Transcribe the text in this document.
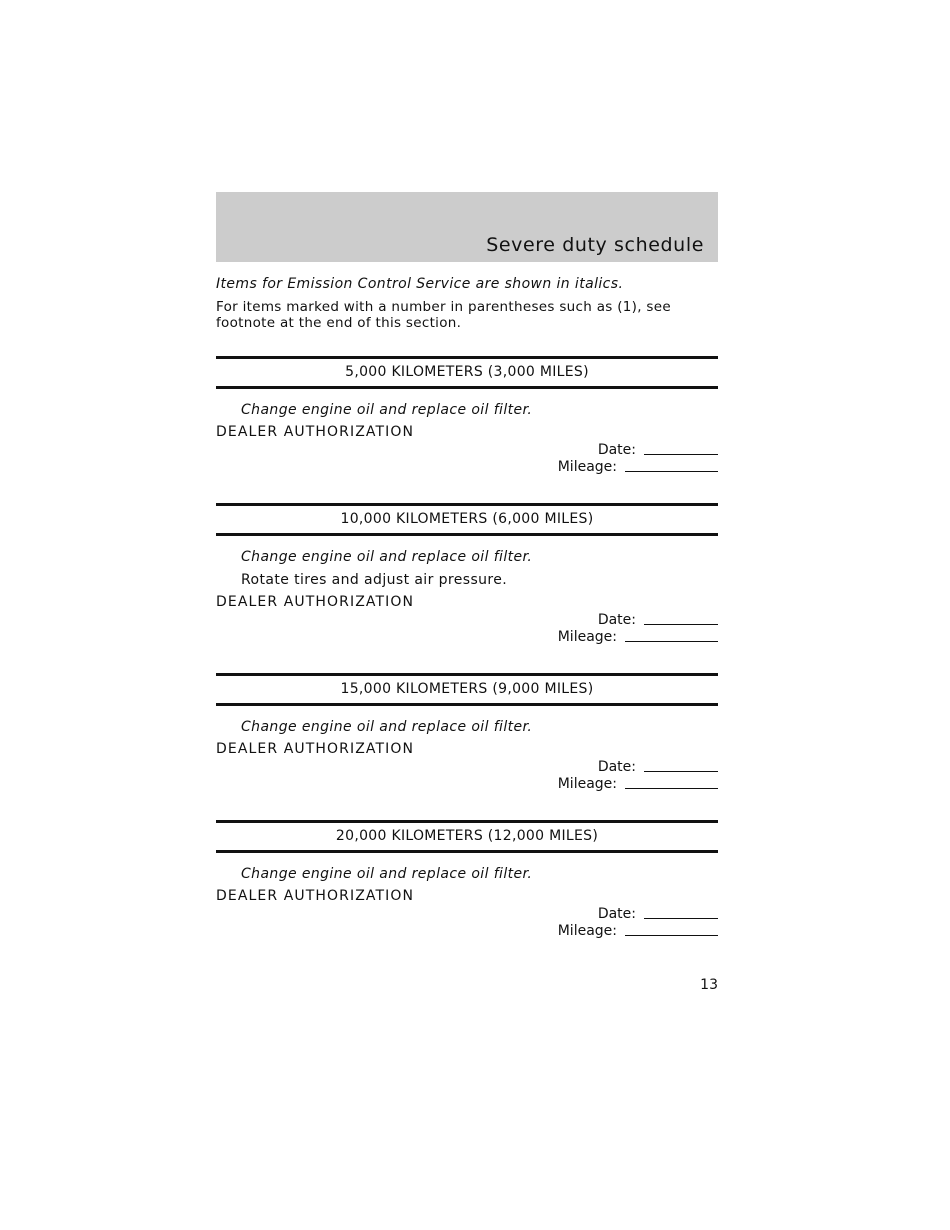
Severe duty schedule
Items for Emission Control Service are shown in italics.
For items marked with a number in parentheses such as (1), see footnote at the end of this section.
5,000 KILOMETERS (3,000 MILES)
Change engine oil and replace oil filter.
DEALER AUTHORIZATION
Date:
Mileage:
10,000 KILOMETERS (6,000 MILES)
Change engine oil and replace oil filter.
Rotate tires and adjust air pressure.
DEALER AUTHORIZATION
Date:
Mileage:
15,000 KILOMETERS (9,000 MILES)
Change engine oil and replace oil filter.
DEALER AUTHORIZATION
Date:
Mileage:
20,000 KILOMETERS (12,000 MILES)
Change engine oil and replace oil filter.
DEALER AUTHORIZATION
Date:
Mileage:
13
